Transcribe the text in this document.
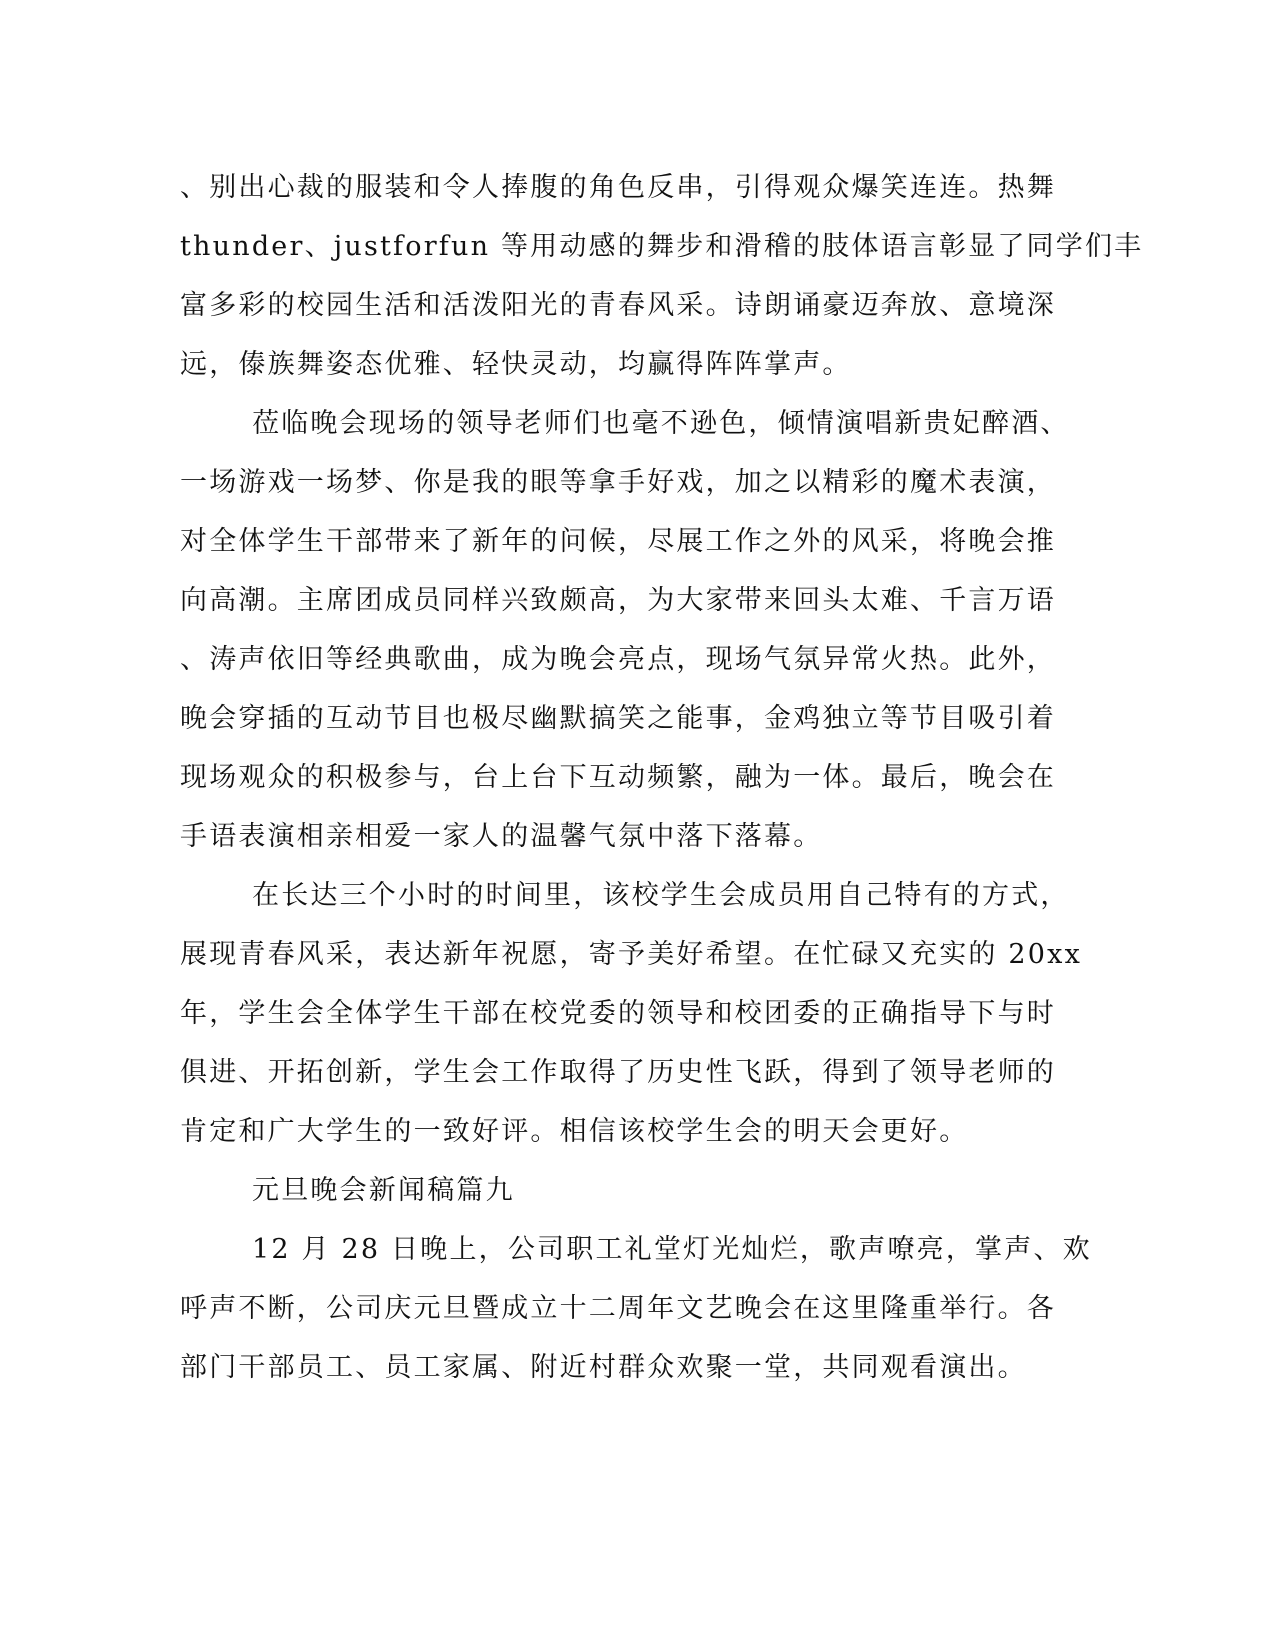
、别出心裁的服装和令人捧腹的角色反串，引得观众爆笑连连。热舞
thunder、justforfun 等用动感的舞步和滑稽的肢体语言彰显了同学们丰
富多彩的校园生活和活泼阳光的青春风采。诗朗诵豪迈奔放、意境深
远，傣族舞姿态优雅、轻快灵动，均赢得阵阵掌声。
莅临晚会现场的领导老师们也毫不逊色，倾情演唱新贵妃醉酒、
一场游戏一场梦、你是我的眼等拿手好戏，加之以精彩的魔术表演，
对全体学生干部带来了新年的问候，尽展工作之外的风采，将晚会推
向高潮。主席团成员同样兴致颇高，为大家带来回头太难、千言万语
、涛声依旧等经典歌曲，成为晚会亮点，现场气氛异常火热。此外，
晚会穿插的互动节目也极尽幽默搞笑之能事，金鸡独立等节目吸引着
现场观众的积极参与，台上台下互动频繁，融为一体。最后，晚会在
手语表演相亲相爱一家人的温馨气氛中落下落幕。
在长达三个小时的时间里，该校学生会成员用自己特有的方式，
展现青春风采，表达新年祝愿，寄予美好希望。在忙碌又充实的 20xx
年，学生会全体学生干部在校党委的领导和校团委的正确指导下与时
俱进、开拓创新，学生会工作取得了历史性飞跃，得到了领导老师的
肯定和广大学生的一致好评。相信该校学生会的明天会更好。
元旦晚会新闻稿篇九
12 月 28 日晚上，公司职工礼堂灯光灿烂，歌声嘹亮，掌声、欢
呼声不断，公司庆元旦暨成立十二周年文艺晚会在这里隆重举行。各
部门干部员工、员工家属、附近村群众欢聚一堂，共同观看演出。
